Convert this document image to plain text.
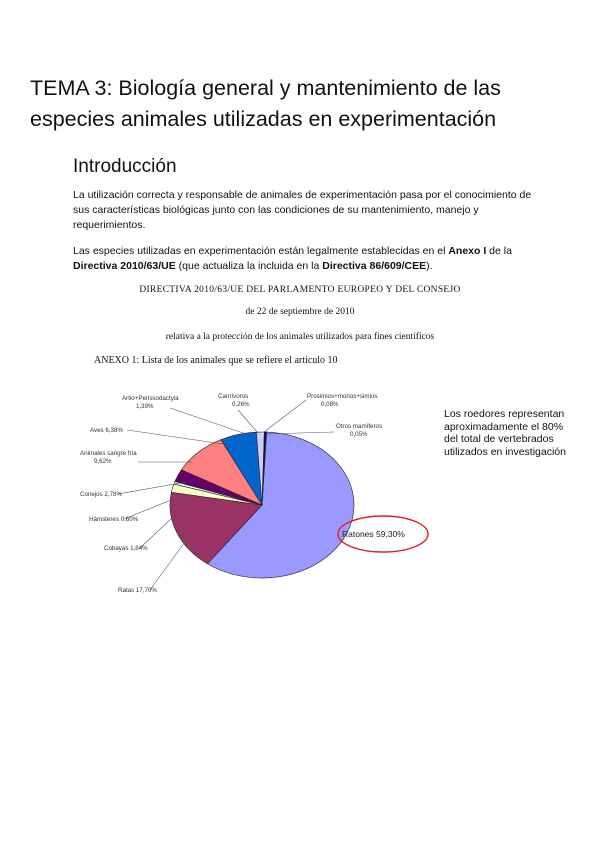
TEMA 3: Biología general y mantenimiento de las especies animales utilizadas en experimentación
Introducción

La utilización correcta y responsable de animales de experimentación pasa por el conocimiento de sus características biológicas junto con las condiciones de su mantenimiento, manejo y requerimientos.

Las especies utilizadas en experimentación están legalmente establecidas en el Anexo I de la Directiva 2010/63/UE (que actualiza la incluida en la Directiva 86/609/CEE).

DIRECTIVA 2010/63/UE DEL PARLAMENTO EUROPEO Y DEL CONSEJO

de 22 de septiembre de 2010

relativa a la protección de los animales utilizados para fines científicos

ANEXO 1: Lista de los animales que se refiere el articulo 10

Ratones 59,30%
Ratas 17,70%
Cobayas 1,84%
Hámsteres 0,60%
Conejos 2,78%
Animales sangre fría 9,62%
Aves 6,38%
Artio+Perissodactyla 1,39%
Carnívoros 0,26%
Prosimios+monos+simios 0,08%
Otros mamíferos 0,05%

Los roedores representan aproximadamente el 80% del total de vertebrados utilizados en investigación
